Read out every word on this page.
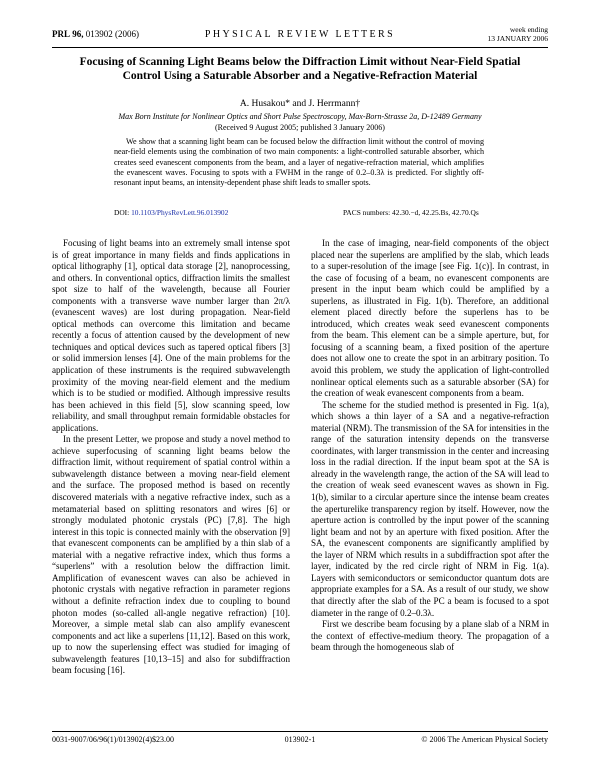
PRL 96, 013902 (2006)	PHYSICAL REVIEW LETTERS	week ending
13 JANUARY 2006
Focusing of Scanning Light Beams below the Diffraction Limit without Near-Field Spatial Control Using a Saturable Absorber and a Negative-Refraction Material
A. Husakou* and J. Herrmann†
Max Born Institute for Nonlinear Optics and Short Pulse Spectroscopy, Max-Born-Strasse 2a, D-12489 Germany
(Received 9 August 2005; published 3 January 2006)

We show that a scanning light beam can be focused below the diffraction limit without the control of moving near-field elements using the combination of two main components: a light-controlled saturable absorber, which creates seed evanescent components from the beam, and a layer of negative-refraction material, which amplifies the evanescent waves. Focusing to spots with a FWHM in the range of 0.2–0.3λ is predicted. For slightly off-resonant input beams, an intensity-dependent phase shift leads to smaller spots.

DOI: 10.1103/PhysRevLett.96.013902	PACS numbers: 42.30.−d, 42.25.Bs, 42.70.Qs

Focusing of light beams into an extremely small intense spot is of great importance in many fields and finds applications in optical lithography [1], optical data storage [2], nanoprocessing, and others. In conventional optics, diffraction limits the smallest spot size to half of the wavelength, because all Fourier components with a transverse wave number larger than 2π/λ (evanescent waves) are lost during propagation. Near-field optical methods can overcome this limitation and became recently a focus of attention caused by the development of new techniques and optical devices such as tapered optical fibers [3] or solid immersion lenses [4]. One of the main problems for the application of these instruments is the required subwavelength proximity of the moving near-field element and the medium which is to be studied or modified. Although impressive results has been achieved in this field [5], slow scanning speed, low reliability, and small throughput remain formidable obstacles for applications.

In the present Letter, we propose and study a novel method to achieve superfocusing of scanning light beams below the diffraction limit, without requirement of spatial control within a subwavelength distance between a moving near-field element and the surface. The proposed method is based on recently discovered materials with a negative refractive index, such as a metamaterial based on splitting resonators and wires [6] or strongly modulated photonic crystals (PC) [7,8]. The high interest in this topic is connected mainly with the observation [9] that evanescent components can be amplified by a thin slab of a material with a negative refractive index, which thus forms a “superlens” with a resolution below the diffraction limit. Amplification of evanescent waves can also be achieved in photonic crystals with negative refraction in parameter regions without a definite refraction index due to coupling to bound photon modes (so-called all-angle negative refraction) [10]. Moreover, a simple metal slab can also amplify evanescent components and act like a superlens [11,12]. Based on this work, up to now the superlensing effect was studied for imaging of subwavelength features [10,13–15] and also for subdiffraction beam focusing [16].

In the case of imaging, near-field components of the object placed near the superlens are amplified by the slab, which leads to a super-resolution of the image [see Fig. 1(c)]. In contrast, in the case of focusing of a beam, no evanescent components are present in the input beam which could be amplified by a superlens, as illustrated in Fig. 1(b). Therefore, an additional element placed directly before the superlens has to be introduced, which creates weak seed evanescent components from the beam. This element can be a simple aperture, but, for focusing of a scanning beam, a fixed position of the aperture does not allow one to create the spot in an arbitrary position. To avoid this problem, we study the application of light-controlled nonlinear optical elements such as a saturable absorber (SA) for the creation of weak evanescent components from a beam.

The scheme for the studied method is presented in Fig. 1(a), which shows a thin layer of a SA and a negative-refraction material (NRM). The transmission of the SA for intensities in the range of the saturation intensity depends on the transverse coordinates, with larger transmission in the center and increasing loss in the radial direction. If the input beam spot at the SA is already in the wavelength range, the action of the SA will lead to the creation of weak seed evanescent waves as shown in Fig. 1(b), similar to a circular aperture since the intense beam creates the aperturelike transparency region by itself. However, now the aperture action is controlled by the input power of the scanning light beam and not by an aperture with fixed position. After the SA, the evanescent components are significantly amplified by the layer of NRM which results in a subdiffraction spot after the layer, indicated by the red circle right of NRM in Fig. 1(a). Layers with semiconductors or semiconductor quantum dots are appropriate examples for a SA. As a result of our study, we show that directly after the slab of the PC a beam is focused to a spot diameter in the range of 0.2–0.3λ.

First we describe beam focusing by a plane slab of a NRM in the context of effective-medium theory. The propagation of a beam through the homogeneous slab of

0031-9007/06/96(1)/013902(4)$23.00	013902-1	© 2006 The American Physical Society
